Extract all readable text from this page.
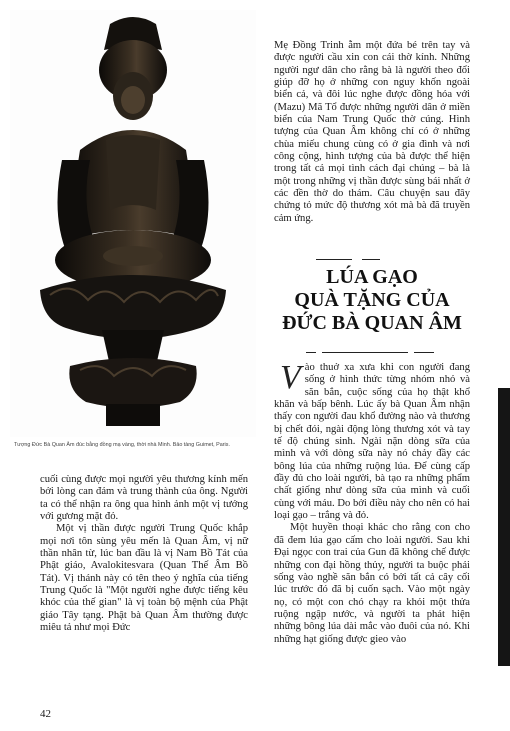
Tượng Đức Bà Quan Âm đúc bằng đồng mạ vàng, thời nhà Minh. Bảo tàng Guimet, Paris.

cuối cùng được mọi người yêu thương kính mến bởi lòng can đảm và trung thành của ông. Người ta có thể nhận ra ông qua hình ảnh một vị tướng với gương mặt đỏ.

Một vị thần được người Trung Quốc khắp mọi nơi tôn sùng yêu mến là Quan Âm, vị nữ thần nhân từ, lúc ban đầu là vị Nam Bồ Tát của Phật giáo, Avalokitesvara (Quan Thế Âm Bồ Tát). Vị thánh này có tên theo ý nghĩa của tiếng Trung Quốc là "Một người nghe được tiếng kêu khóc của thế gian" là vị toàn bộ mệnh của Phật giáo Tây tạng. Phật bà Quan Âm thường được miêu tả như mọi Đức

Mẹ Đồng Trinh ẵm một đứa bé trên tay và được người cầu xin con cái thờ kính. Những người ngư dân cho rằng bà là người theo đổi giúp đỡ họ ở những con nguy khốn ngoài biển cả, và đôi lúc nghe được đồng hóa với (Mazu) Mã Tổ được những người dân ở miền biển của Nam Trung Quốc thờ cúng. Hình tượng của Quan Âm không chỉ có ở những chùa miếu chung cùng có ở gia đình và nơi công cộng, hình tượng của bà được thể hiện trong tất cả mọi tình cách đại chúng – bà là một trong những vị thần được sùng bái nhất ở các đền thờ do thám. Câu chuyện sau đây chứng tỏ mức độ thương xót mà bà đã truyền cảm ứng.

LÚA GẠO
QUÀ TẶNG CỦA
ĐỨC BÀ QUAN ÂM

Vào thuở xa xưa khi con người đang sống ở hình thức từng nhóm nhỏ và săn bắn, cuộc sống của họ thật khổ khăn và bấp bênh. Lúc ấy bà Quan Âm nhận thấy con người đau khổ đường nào và thương bị chết đói, ngài động lòng thương xót và tay tế độ chúng sinh. Ngài nặn dòng sữa của mình và với dòng sữa này nó chảy đầy các bông lúa của những ruộng lúa. Để cùng cấp đầy đủ cho loài người, bà tạo ra những phẩm chất giống như dòng sữa của mình và cuối cùng với máu. Do bởi điều này cho nên có hai loại gạo – trắng và đỏ.

Một huyền thoại khác cho rằng con cho đã đem lúa gạo cấm cho loài người. Sau khi Đại ngọc con trai của Gun đã không chế được những con đại hồng thủy, người ta buộc phải sống vào nghề săn bắn có bởi tất cả cây cối lúc trước đó đã bị cuốn sạch. Vào một ngày nọ, có một con chó chạy ra khỏi một thửa ruộng ngập nước, và người ta phát hiện những bông lúa dài mắc vào đuôi của nó. Khi những hạt giống được gieo vào

42
